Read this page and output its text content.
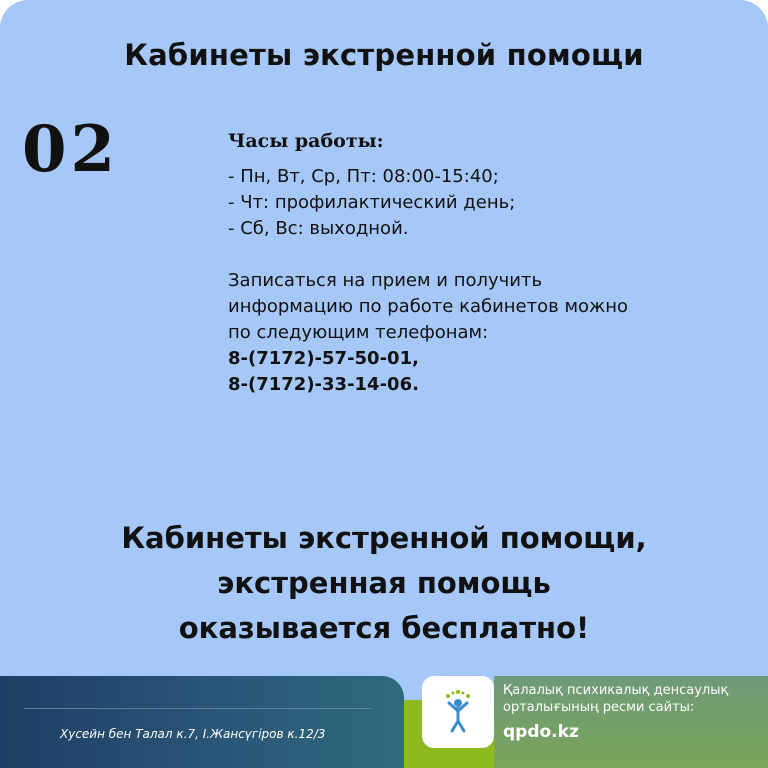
Кабинеты экстренной помощи
02	Часы работы:

- Пн, Вт, Ср, Пт: 08:00-15:40;

- Чт: профилактический день;

- Сб, Вс: выходной.

Записаться на прием и получить

информацию по работе кабинетов можно

по следующим телефонам:

8-(7172)-57-50-01,

8-(7172)-33-14-06.

Кабинеты экстренной помощи,
экстренная помощь
оказывается бесплатно!
Хусейн бен Талал к.7, І.Жансүгіров к.12/3
Қалалық психикалық денсаулық орталығының ресми сайты:
qpdo.kz
